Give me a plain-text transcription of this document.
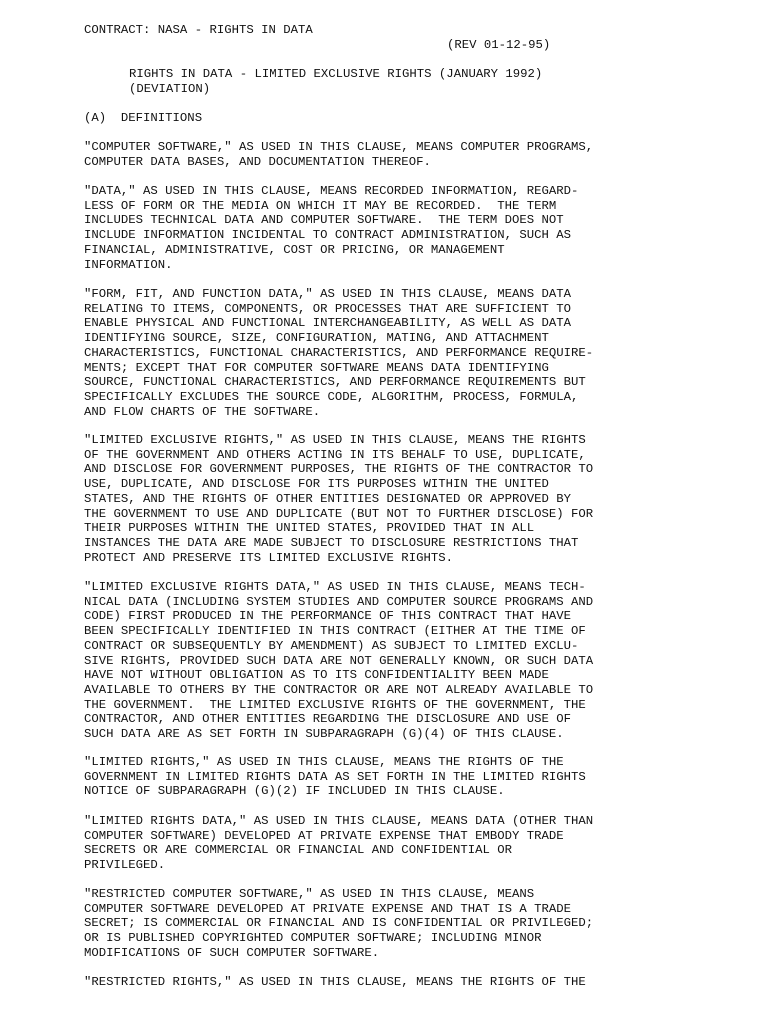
CONTRACT: NASA - RIGHTS IN DATA
(REV 01-12-95)
RIGHTS IN DATA - LIMITED EXCLUSIVE RIGHTS (JANUARY 1992)
(DEVIATION)
(A)  DEFINITIONS
"COMPUTER SOFTWARE," AS USED IN THIS CLAUSE, MEANS COMPUTER PROGRAMS,
COMPUTER DATA BASES, AND DOCUMENTATION THEREOF.
"DATA," AS USED IN THIS CLAUSE, MEANS RECORDED INFORMATION, REGARD-
LESS OF FORM OR THE MEDIA ON WHICH IT MAY BE RECORDED.  THE TERM
INCLUDES TECHNICAL DATA AND COMPUTER SOFTWARE.  THE TERM DOES NOT
INCLUDE INFORMATION INCIDENTAL TO CONTRACT ADMINISTRATION, SUCH AS
FINANCIAL, ADMINISTRATIVE, COST OR PRICING, OR MANAGEMENT
INFORMATION.
"FORM, FIT, AND FUNCTION DATA," AS USED IN THIS CLAUSE, MEANS DATA
RELATING TO ITEMS, COMPONENTS, OR PROCESSES THAT ARE SUFFICIENT TO
ENABLE PHYSICAL AND FUNCTIONAL INTERCHANGEABILITY, AS WELL AS DATA
IDENTIFYING SOURCE, SIZE, CONFIGURATION, MATING, AND ATTACHMENT
CHARACTERISTICS, FUNCTIONAL CHARACTERISTICS, AND PERFORMANCE REQUIRE-
MENTS; EXCEPT THAT FOR COMPUTER SOFTWARE MEANS DATA IDENTIFYING
SOURCE, FUNCTIONAL CHARACTERISTICS, AND PERFORMANCE REQUIREMENTS BUT
SPECIFICALLY EXCLUDES THE SOURCE CODE, ALGORITHM, PROCESS, FORMULA,
AND FLOW CHARTS OF THE SOFTWARE.
"LIMITED EXCLUSIVE RIGHTS," AS USED IN THIS CLAUSE, MEANS THE RIGHTS
OF THE GOVERNMENT AND OTHERS ACTING IN ITS BEHALF TO USE, DUPLICATE,
AND DISCLOSE FOR GOVERNMENT PURPOSES, THE RIGHTS OF THE CONTRACTOR TO
USE, DUPLICATE, AND DISCLOSE FOR ITS PURPOSES WITHIN THE UNITED
STATES, AND THE RIGHTS OF OTHER ENTITIES DESIGNATED OR APPROVED BY
THE GOVERNMENT TO USE AND DUPLICATE (BUT NOT TO FURTHER DISCLOSE) FOR
THEIR PURPOSES WITHIN THE UNITED STATES, PROVIDED THAT IN ALL
INSTANCES THE DATA ARE MADE SUBJECT TO DISCLOSURE RESTRICTIONS THAT
PROTECT AND PRESERVE ITS LIMITED EXCLUSIVE RIGHTS.
"LIMITED EXCLUSIVE RIGHTS DATA," AS USED IN THIS CLAUSE, MEANS TECH-
NICAL DATA (INCLUDING SYSTEM STUDIES AND COMPUTER SOURCE PROGRAMS AND
CODE) FIRST PRODUCED IN THE PERFORMANCE OF THIS CONTRACT THAT HAVE
BEEN SPECIFICALLY IDENTIFIED IN THIS CONTRACT (EITHER AT THE TIME OF
CONTRACT OR SUBSEQUENTLY BY AMENDMENT) AS SUBJECT TO LIMITED EXCLU-
SIVE RIGHTS, PROVIDED SUCH DATA ARE NOT GENERALLY KNOWN, OR SUCH DATA
HAVE NOT WITHOUT OBLIGATION AS TO ITS CONFIDENTIALITY BEEN MADE
AVAILABLE TO OTHERS BY THE CONTRACTOR OR ARE NOT ALREADY AVAILABLE TO
THE GOVERNMENT.  THE LIMITED EXCLUSIVE RIGHTS OF THE GOVERNMENT, THE
CONTRACTOR, AND OTHER ENTITIES REGARDING THE DISCLOSURE AND USE OF
SUCH DATA ARE AS SET FORTH IN SUBPARAGRAPH (G)(4) OF THIS CLAUSE.
"LIMITED RIGHTS," AS USED IN THIS CLAUSE, MEANS THE RIGHTS OF THE
GOVERNMENT IN LIMITED RIGHTS DATA AS SET FORTH IN THE LIMITED RIGHTS
NOTICE OF SUBPARAGRAPH (G)(2) IF INCLUDED IN THIS CLAUSE.
"LIMITED RIGHTS DATA," AS USED IN THIS CLAUSE, MEANS DATA (OTHER THAN
COMPUTER SOFTWARE) DEVELOPED AT PRIVATE EXPENSE THAT EMBODY TRADE
SECRETS OR ARE COMMERCIAL OR FINANCIAL AND CONFIDENTIAL OR
PRIVILEGED.
"RESTRICTED COMPUTER SOFTWARE," AS USED IN THIS CLAUSE, MEANS
COMPUTER SOFTWARE DEVELOPED AT PRIVATE EXPENSE AND THAT IS A TRADE
SECRET; IS COMMERCIAL OR FINANCIAL AND IS CONFIDENTIAL OR PRIVILEGED;
OR IS PUBLISHED COPYRIGHTED COMPUTER SOFTWARE; INCLUDING MINOR
MODIFICATIONS OF SUCH COMPUTER SOFTWARE.
"RESTRICTED RIGHTS," AS USED IN THIS CLAUSE, MEANS THE RIGHTS OF THE
